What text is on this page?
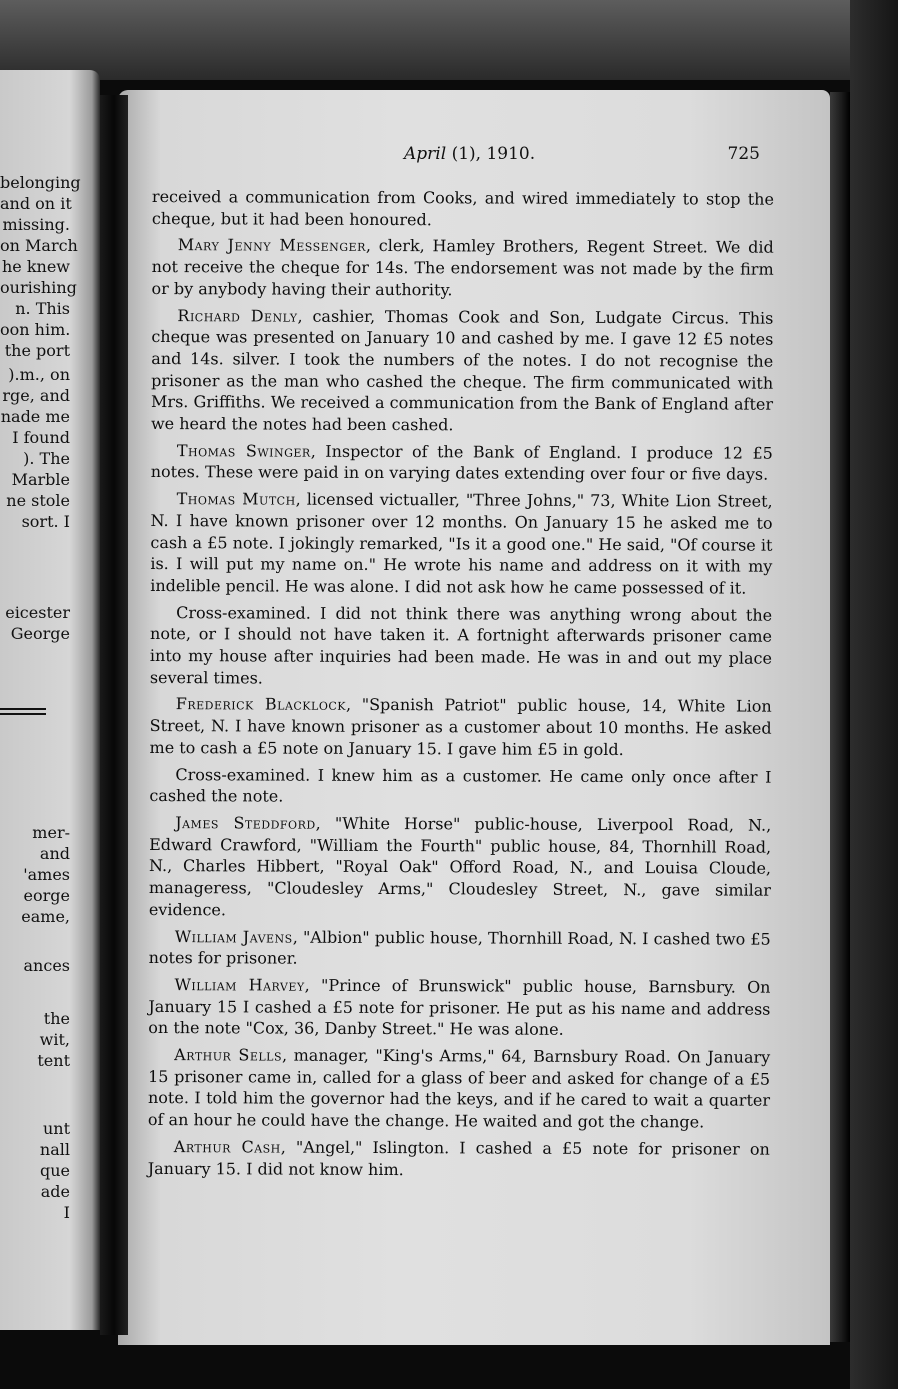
belonging
and on it
missing.
on March
he knew
ourishing
n. This
oon him.
the port
).m., on
rge, and
nade me
I found
). The
Marble
ne stole
sort. I
eicester
George
mer-
and
'ames
eorge
eame,
ances
the
wit,
tent
unt
nall
que
ade
I
April (1), 1910.	725

received a communication from Cooks, and wired immediately to stop the cheque, but it had been honoured.

Mary Jenny Messenger, clerk, Hamley Brothers, Regent Street. We did not receive the cheque for 14s. The endorsement was not made by the firm or by anybody having their authority.

Richard Denly, cashier, Thomas Cook and Son, Ludgate Circus. This cheque was presented on January 10 and cashed by me. I gave 12 £5 notes and 14s. silver. I took the numbers of the notes. I do not recognise the prisoner as the man who cashed the cheque. The firm communicated with Mrs. Griffiths. We received a communication from the Bank of England after we heard the notes had been cashed.

Thomas Swinger, Inspector of the Bank of England. I produce 12 £5 notes. These were paid in on varying dates extending over four or five days.

Thomas Mutch, licensed victualler, "Three Johns," 73, White Lion Street, N. I have known prisoner over 12 months. On January 15 he asked me to cash a £5 note. I jokingly remarked, "Is it a good one." He said, "Of course it is. I will put my name on." He wrote his name and address on it with my indelible pencil. He was alone. I did not ask how he came possessed of it.

Cross-examined. I did not think there was anything wrong about the note, or I should not have taken it. A fortnight afterwards prisoner came into my house after inquiries had been made. He was in and out my place several times.

Frederick Blacklock, "Spanish Patriot" public house, 14, White Lion Street, N. I have known prisoner as a customer about 10 months. He asked me to cash a £5 note on January 15. I gave him £5 in gold.

Cross-examined. I knew him as a customer. He came only once after I cashed the note.

James Steddford, "White Horse" public-house, Liverpool Road, N., Edward Crawford, "William the Fourth" public house, 84, Thornhill Road, N., Charles Hibbert, "Royal Oak" Offord Road, N., and Louisa Cloude, manageress, "Cloudesley Arms," Cloudesley Street, N., gave similar evidence.

William Javens, "Albion" public house, Thornhill Road, N. I cashed two £5 notes for prisoner.

William Harvey, "Prince of Brunswick" public house, Barnsbury. On January 15 I cashed a £5 note for prisoner. He put as his name and address on the note "Cox, 36, Danby Street." He was alone.

Arthur Sells, manager, "King's Arms," 64, Barnsbury Road. On January 15 prisoner came in, called for a glass of beer and asked for change of a £5 note. I told him the governor had the keys, and if he cared to wait a quarter of an hour he could have the change. He waited and got the change.

Arthur Cash, "Angel," Islington. I cashed a £5 note for prisoner on January 15. I did not know him.
